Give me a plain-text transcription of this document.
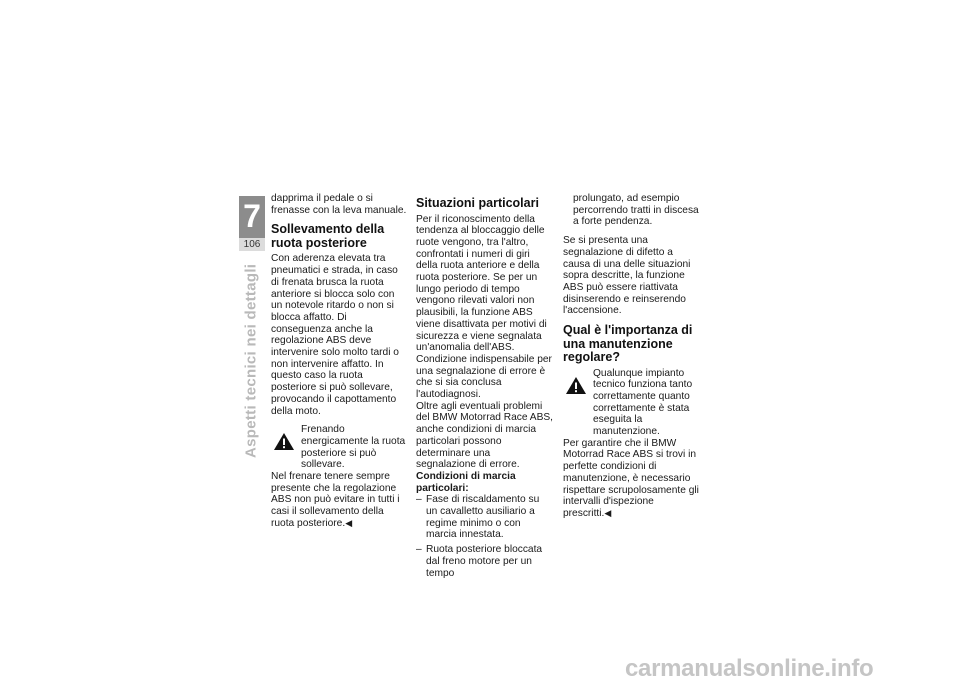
7
106
Aspetti tecnici nei dettagli

dapprima il pedale o si frenasse con la leva manuale.

Sollevamento della ruota posteriore

Con aderenza elevata tra pneumatici e strada, in caso di frenata brusca la ruota anteriore si blocca solo con un notevole ritardo o non si blocca affatto. Di conseguenza anche la regolazione ABS deve intervenire solo molto tardi o non intervenire affatto. In questo caso la ruota posteriore si può sollevare, provocando il capottamento della moto.

Frenando energicamente la ruota posteriore si può sollevare.

Nel frenare tenere sempre presente che la regolazione ABS non può evitare in tutti i casi il sollevamento della ruota posteriore.◀

Situazioni particolari

Per il riconoscimento della tendenza al bloccaggio delle ruote vengono, tra l'altro, confrontati i numeri di giri della ruota anteriore e della ruota posteriore. Se per un lungo periodo di tempo vengono rilevati valori non plausibili, la funzione ABS viene disattivata per motivi di sicurezza e viene segnalata un'anomalia dell'ABS. Condizione indispensabile per una segnalazione di errore è che si sia conclusa l'autodiagnosi.

Oltre agli eventuali problemi del BMW Motorrad Race ABS, anche condizioni di marcia particolari possono determinare una segnalazione di errore.

Condizioni di marcia particolari:

– Fase di riscaldamento su un cavalletto ausiliario a regime minimo o con marcia innestata.

– Ruota posteriore bloccata dal freno motore per un tempo

prolungato, ad esempio percorrendo tratti in discesa a forte pendenza.

Se si presenta una segnalazione di difetto a causa di una delle situazioni sopra descritte, la funzione ABS può essere riattivata disinserendo e reinserendo l'accensione.

Qual è l'importanza di una manutenzione regolare?
Qualunque impianto tecnico funziona tanto correttamente quanto correttamente è stata eseguita la manutenzione.

Per garantire che il BMW Motorrad Race ABS si trovi in perfette condizioni di manutenzione, è necessario rispettare scrupolosamente gli intervalli d'ispezione prescritti.◀

carmanualsonline.info
